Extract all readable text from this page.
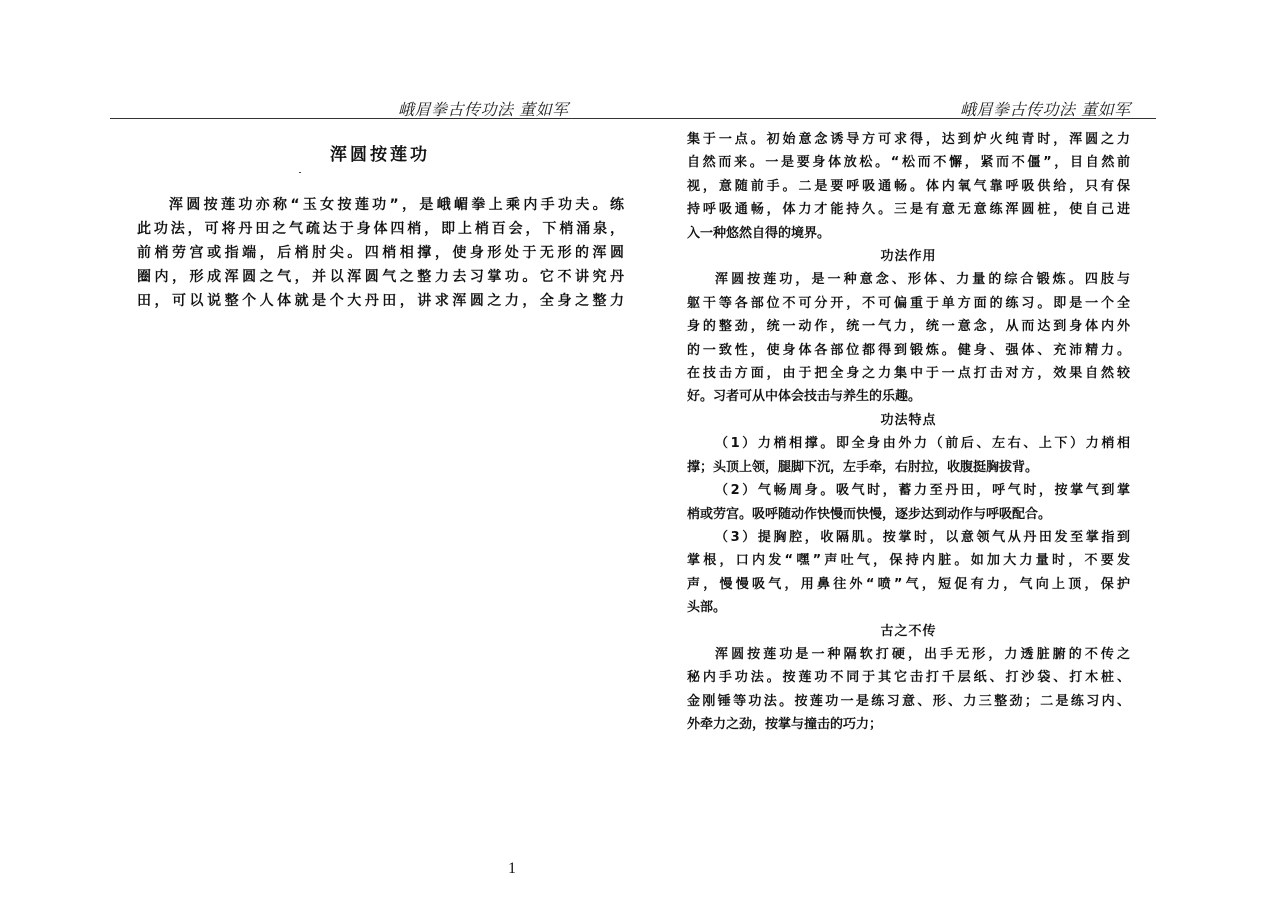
峨眉拳古传功法 董如军
浑圆按莲功
浑圆按莲功亦称“玉女按莲功”，是峨嵋拳上乘内手功夫。练
此功法，可将丹田之气疏达于身体四梢，即上梢百会，下梢涌泉，
前梢劳宫或指端，后梢肘尖。四梢相撑，使身形处于无形的浑圆
圈内，形成浑圆之气，并以浑圆气之整力去习掌功。它不讲究丹
田，可以说整个人体就是个大丹田，讲求浑圆之力，全身之整力
1
峨眉拳古传功法 董如军
集于一点。初始意念诱导方可求得，达到炉火纯青时，浑圆之力
自然而来。一是要身体放松。“松而不懈，紧而不僵”，目自然前
视，意随前手。二是要呼吸通畅。体内氧气靠呼吸供给，只有保
持呼吸通畅，体力才能持久。三是有意无意练浑圆桩，使自己进
入一种悠然自得的境界。
功法作用
浑圆按莲功，是一种意念、形体、力量的综合锻炼。四肢与
躯干等各部位不可分开，不可偏重于单方面的练习。即是一个全
身的整劲，统一动作，统一气力，统一意念，从而达到身体内外
的一致性，使身体各部位都得到锻炼。健身、强体、充沛精力。
在技击方面，由于把全身之力集中于一点打击对方，效果自然较
好。习者可从中体会技击与养生的乐趣。
功法特点
（1）力梢相撑。即全身由外力（前后、左右、上下）力梢相
撑；头顶上领，腿脚下沉，左手牵，右肘拉，收腹挺胸拔背。
（2）气畅周身。吸气时，蓄力至丹田，呼气时，按掌气到掌
梢或劳宫。吸呼随动作快慢而快慢，逐步达到动作与呼吸配合。
（3）提胸腔，收隔肌。按掌时，以意领气从丹田发至掌指到
掌根，口内发“嘿”声吐气，保持内脏。如加大力量时，不要发
声，慢慢吸气，用鼻往外“喷”气，短促有力，气向上顶，保护
头部。
古之不传
浑圆按莲功是一种隔软打硬，出手无形，力透脏腑的不传之
秘内手功法。按莲功不同于其它击打千层纸、打沙袋、打木桩、
金刚锤等功法。按莲功一是练习意、形、力三整劲；二是练习内、
外牵力之劲，按掌与撞击的巧力；
